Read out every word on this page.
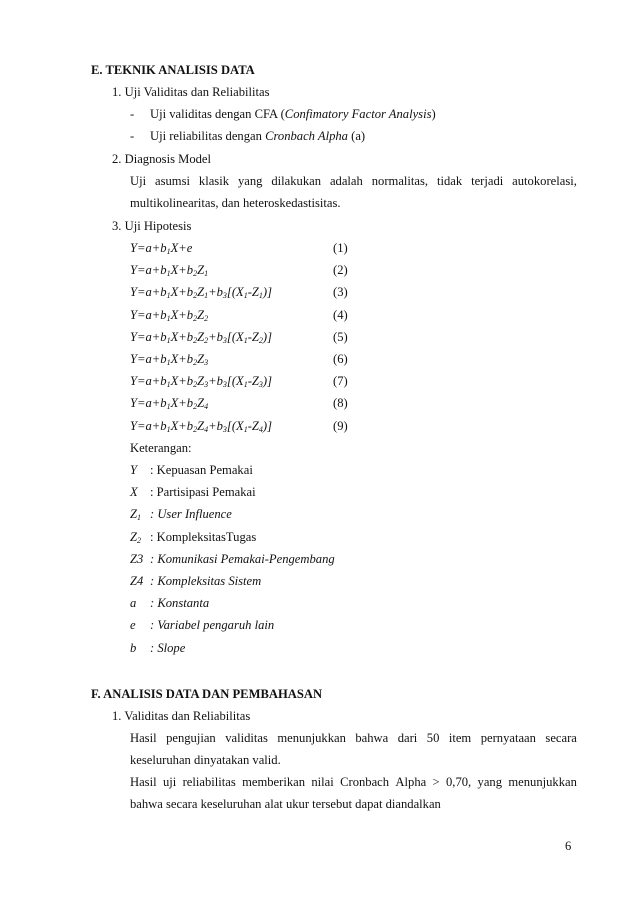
E. TEKNIK ANALISIS DATA
1. Uji Validitas dan Reliabilitas
- Uji validitas dengan CFA (Confimatory Factor Analysis)
- Uji reliabilitas dengan Cronbach Alpha (a)
2. Diagnosis Model
Uji asumsi klasik yang dilakukan adalah normalitas, tidak terjadi autokorelasi,
multikolinearitas, dan heteroskedastisitas.
3. Uji Hipotesis
$Y=a+b_1X+e$	(1)
$Y=a+b_1X+b_2Z_1$	(2)
$Y=a+b_1X+b_2Z_1+b_3[(X_1-Z_1)]$	(3)
$Y=a+b_1X+b_2Z_2$	(4)
$Y=a+b_1X+b_2Z_2+b_3[(X_1-Z_2)]$	(5)
$Y=a+b_1X+b_2Z_3$	(6)
$Y=a+b_1X+b_2Z_3+b_3[(X_1-Z_3)]$	(7)
$Y=a+b_1X+b_2Z_4$	(8)
$Y=a+b_1X+b_2Z_4+b_3[(X_1-Z_4)]$	(9)
Keterangan:
Y : Kepuasan Pemakai
X : Partisipasi Pemakai
$Z_1$ : User Influence
$Z_2$ : KompleksitasTugas
Z3 : Komunikasi Pemakai-Pengembang
Z4 : Kompleksitas Sistem
a : Konstanta
e : Variabel pengaruh lain
b : Slope
F. ANALISIS DATA DAN PEMBAHASAN
1. Validitas dan Reliabilitas
Hasil pengujian validitas menunjukkan bahwa dari 50 item pernyataan secara
keseluruhan dinyatakan valid.
Hasil uji reliabilitas memberikan nilai Cronbach Alpha > 0,70, yang menunjukkan
bahwa secara keseluruhan alat ukur tersebut dapat diandalkan
6
